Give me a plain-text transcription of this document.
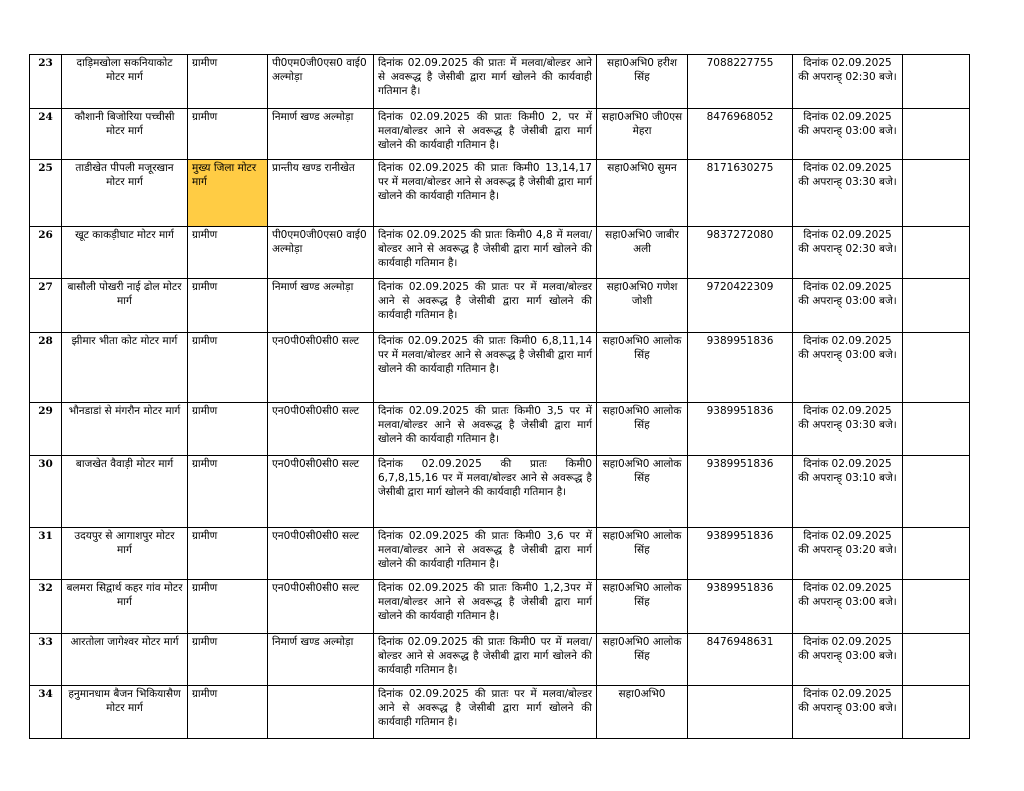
23	दाड़िमखोला सकनियाकोट मोटर मार्ग	ग्रामीण	पी0एम0जी0एस0 वाई0 अल्मोड़ा	दिनांक 02.09.2025 की प्रातः में मलवा/बोल्डर आने से अवरूद्ध है जेसीबी द्वारा मार्ग खोलने की कार्यवाही गतिमान है।	सहा0अभि0 हरीश सिंह	7088227755	दिनांक 02.09.2025 की अपरान्ह् 02:30 बजे।	
24	कौशानी बिजोरिया पच्चीसी मोटर मार्ग	ग्रामीण	निमार्ण खण्ड अल्मोड़ा	दिनांक 02.09.2025 की प्रातः किमी0 2, पर में मलवा/बोल्डर आने से अवरूद्ध है जेसीबी द्वारा मार्ग खोलने की कार्यवाही गतिमान है।	सहा0अभि0 जी0एस मेहरा	8476968052	दिनांक 02.09.2025 की अपरान्ह् 03:00 बजे।	
25	ताडीखेत पीपली मजूरखान मोटर मार्ग	मुख्य जिला मोटर मार्ग	प्रान्तीय खण्ड रानीखेत	दिनांक 02.09.2025 की प्रातः किमी0 13,14,17 पर में मलवा/बोल्डर आने से अवरूद्ध है जेसीबी द्वारा मार्ग खोलने की कार्यवाही गतिमान है।	सहा0अभि0 सुमन	8171630275	दिनांक 02.09.2025 की अपरान्ह् 03:30 बजे।	
26	खूट काकड़ीघाट मोटर मार्ग	ग्रामीण	पी0एम0जी0एस0 वाई0 अल्मोड़ा	दिनांक 02.09.2025 की प्रातः किमी0 4,8 में मलवा/बोल्डर आने से अवरूद्ध है जेसीबी द्वारा मार्ग खोलने की कार्यवाही गतिमान है।	सहा0अभि0 जाबीर अली	9837272080	दिनांक 02.09.2025 की अपरान्ह् 02:30 बजे।	
27	बासौली पोखरी नाई ढोल मोटर मार्ग	ग्रामीण	निमार्ण खण्ड अल्मोड़ा	दिनांक 02.09.2025 की प्रातः पर में मलवा/बोल्डर आने से अवरूद्ध है जेसीबी द्वारा मार्ग खोलने की कार्यवाही गतिमान है।	सहा0अभि0 गणेश जोशी	9720422309	दिनांक 02.09.2025 की अपरान्ह् 03:00 बजे।	
28	झीमार भीता कोट मोटर मार्ग	ग्रामीण	एन0पी0सी0सी0 सल्ट	दिनांक 02.09.2025 की प्रातः किमी0 6,8,11,14 पर में मलवा/बोल्डर आने से अवरूद्ध है जेसीबी द्वारा मार्ग खोलने की कार्यवाही गतिमान है।	सहा0अभि0 आलोक सिंह	9389951836	दिनांक 02.09.2025 की अपरान्ह् 03:00 बजे।	
29	भौनडाडां से मंगरौन मोटर मार्ग	ग्रामीण	एन0पी0सी0सी0 सल्ट	दिनांक 02.09.2025 की प्रातः किमी0 3,5 पर में मलवा/बोल्डर आने से अवरूद्ध है जेसीबी द्वारा मार्ग खोलने की कार्यवाही गतिमान है।	सहा0अभि0 आलोक सिंह	9389951836	दिनांक 02.09.2025 की अपरान्ह् 03:30 बजे।	
30	बाजखेत वैवाड़ी मोटर मार्ग	ग्रामीण	एन0पी0सी0सी0 सल्ट	दिनांक 02.09.2025 की प्रातः किमी0 6,7,8,15,16 पर में मलवा/बोल्डर आने से अवरूद्ध है जेसीबी द्वारा मार्ग खोलने की कार्यवाही गतिमान है।	सहा0अभि0 आलोक सिंह	9389951836	दिनांक 02.09.2025 की अपरान्ह् 03:10 बजे।	
31	उदयपुर से आगाशपुर मोटर मार्ग	ग्रामीण	एन0पी0सी0सी0 सल्ट	दिनांक 02.09.2025 की प्रातः किमी0 3,6 पर में मलवा/बोल्डर आने से अवरूद्ध है जेसीबी द्वारा मार्ग खोलने की कार्यवाही गतिमान है।	सहा0अभि0 आलोक सिंह	9389951836	दिनांक 02.09.2025 की अपरान्ह् 03:20 बजे।	
32	बलमरा सिद्वार्थ कहर गांव मोटर मार्ग	ग्रामीण	एन0पी0सी0सी0 सल्ट	दिनांक 02.09.2025 की प्रातः किमी0 1,2,3पर में मलवा/बोल्डर आने से अवरूद्ध है जेसीबी द्वारा मार्ग खोलने की कार्यवाही गतिमान है।	सहा0अभि0 आलोक सिंह	9389951836	दिनांक 02.09.2025 की अपरान्ह् 03:00 बजे।	
33	आरतोला जागेश्वर मोटर मार्ग	ग्रामीण	निमार्ण खण्ड अल्मोड़ा	दिनांक 02.09.2025 की प्रातः किमी0 पर में मलवा/बोल्डर आने से अवरूद्ध है जेसीबी द्वारा मार्ग खोलने की कार्यवाही गतिमान है।	सहा0अभि0 आलोक सिंह	8476948631	दिनांक 02.09.2025 की अपरान्ह् 03:00 बजे।	
34	हनुमानधाम बैजन भिकियासैण मोटर मार्ग	ग्रामीण		दिनांक 02.09.2025 की प्रातः पर में मलवा/बोल्डर आने से अवरूद्ध है जेसीबी द्वारा मार्ग खोलने की कार्यवाही गतिमान है।	सहा0अभि0		दिनांक 02.09.2025 की अपरान्ह् 03:00 बजे।	
